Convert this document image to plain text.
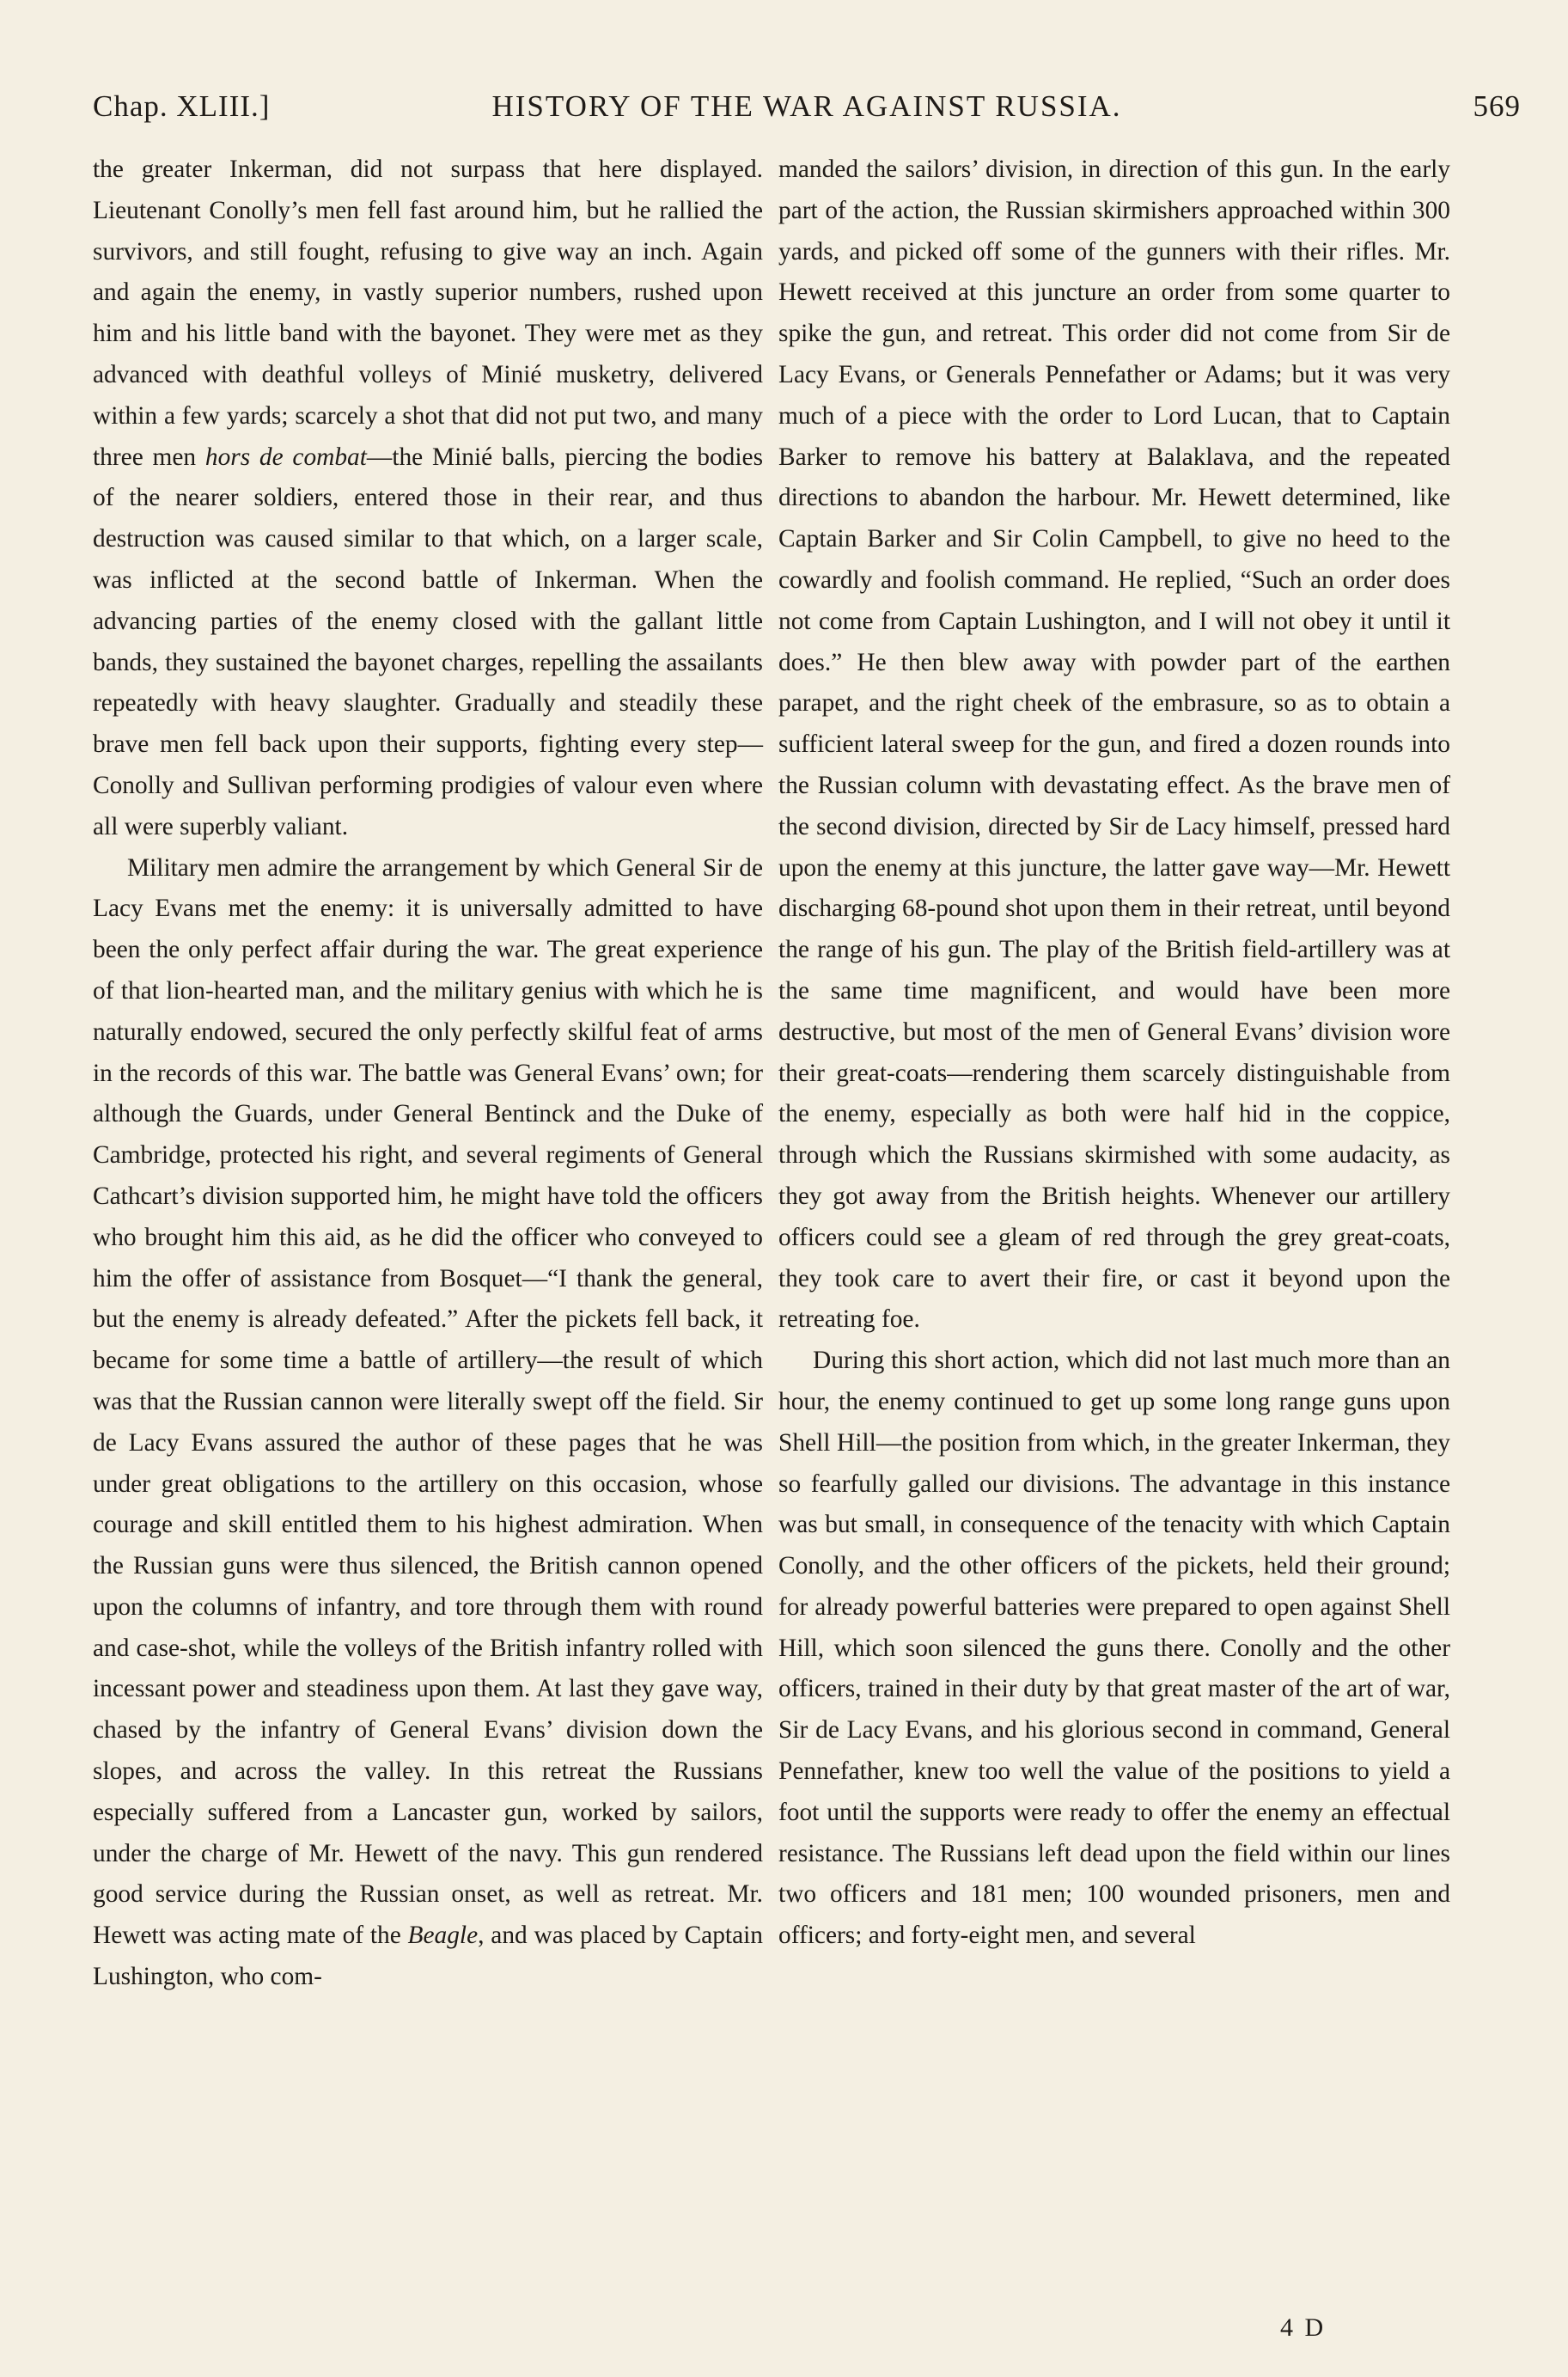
Chap. XLIII.]	HISTORY OF THE WAR AGAINST RUSSIA.	569

the greater Inkerman, did not surpass that here displayed. Lieutenant Conolly’s men fell fast around him, but he rallied the survivors, and still fought, refusing to give way an inch. Again and again the enemy, in vastly superior numbers, rushed upon him and his little band with the bayonet. They were met as they advanced with deathful volleys of Minié musketry, delivered within a few yards; scarcely a shot that did not put two, and many three men hors de combat—the Minié balls, piercing the bodies of the nearer soldiers, entered those in their rear, and thus destruction was caused similar to that which, on a larger scale, was inflicted at the second battle of Inkerman. When the advancing parties of the enemy closed with the gallant little bands, they sustained the bayonet charges, repelling the assailants repeatedly with heavy slaughter. Gradually and steadily these brave men fell back upon their supports, fighting every step—Conolly and Sullivan performing prodigies of valour even where all were superbly valiant.

Military men admire the arrangement by which General Sir de Lacy Evans met the enemy: it is universally admitted to have been the only perfect affair during the war. The great experience of that lion-hearted man, and the military genius with which he is naturally endowed, secured the only perfectly skilful feat of arms in the records of this war. The battle was General Evans’ own; for although the Guards, under General Bentinck and the Duke of Cambridge, protected his right, and several regiments of General Cathcart’s division supported him, he might have told the officers who brought him this aid, as he did the officer who conveyed to him the offer of assistance from Bosquet—“I thank the general, but the enemy is already defeated.” After the pickets fell back, it became for some time a battle of artillery—the result of which was that the Russian cannon were literally swept off the field. Sir de Lacy Evans assured the author of these pages that he was under great obligations to the artillery on this occasion, whose courage and skill entitled them to his highest admiration. When the Russian guns were thus silenced, the British cannon opened upon the columns of infantry, and tore through them with round and case-shot, while the volleys of the British infantry rolled with incessant power and steadiness upon them. At last they gave way, chased by the infantry of General Evans’ division down the slopes, and across the valley. In this retreat the Russians especially suffered from a Lancaster gun, worked by sailors, under the charge of Mr. Hewett of the navy. This gun rendered good service during the Russian onset, as well as retreat. Mr. Hewett was acting mate of the Beagle, and was placed by Captain Lushington, who com-

manded the sailors’ division, in direction of this gun. In the early part of the action, the Russian skirmishers approached within 300 yards, and picked off some of the gunners with their rifles. Mr. Hewett received at this juncture an order from some quarter to spike the gun, and retreat. This order did not come from Sir de Lacy Evans, or Generals Pennefather or Adams; but it was very much of a piece with the order to Lord Lucan, that to Captain Barker to remove his battery at Balaklava, and the repeated directions to abandon the harbour. Mr. Hewett determined, like Captain Barker and Sir Colin Campbell, to give no heed to the cowardly and foolish command. He replied, “Such an order does not come from Captain Lushington, and I will not obey it until it does.” He then blew away with powder part of the earthen parapet, and the right cheek of the embrasure, so as to obtain a sufficient lateral sweep for the gun, and fired a dozen rounds into the Russian column with devastating effect. As the brave men of the second division, directed by Sir de Lacy himself, pressed hard upon the enemy at this juncture, the latter gave way—Mr. Hewett discharging 68-pound shot upon them in their retreat, until beyond the range of his gun. The play of the British field-artillery was at the same time magnificent, and would have been more destructive, but most of the men of General Evans’ division wore their great-coats—rendering them scarcely distinguishable from the enemy, especially as both were half hid in the coppice, through which the Russians skirmished with some audacity, as they got away from the British heights. Whenever our artillery officers could see a gleam of red through the grey great-coats, they took care to avert their fire, or cast it beyond upon the retreating foe.

During this short action, which did not last much more than an hour, the enemy continued to get up some long range guns upon Shell Hill—the position from which, in the greater Inkerman, they so fearfully galled our divisions. The advantage in this instance was but small, in consequence of the tenacity with which Captain Conolly, and the other officers of the pickets, held their ground; for already powerful batteries were prepared to open against Shell Hill, which soon silenced the guns there. Conolly and the other officers, trained in their duty by that great master of the art of war, Sir de Lacy Evans, and his glorious second in command, General Pennefather, knew too well the value of the positions to yield a foot until the supports were ready to offer the enemy an effectual resistance. The Russians left dead upon the field within our lines two officers and 181 men; 100 wounded prisoners, men and officers; and forty-eight men, and several

4 D
